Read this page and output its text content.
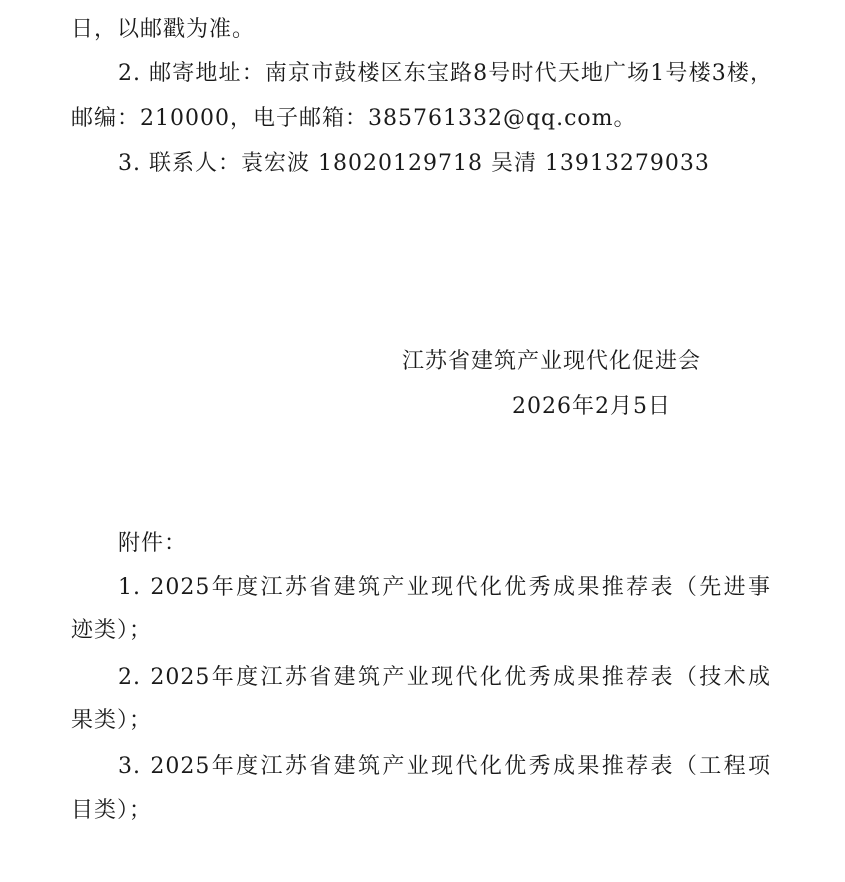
日，以邮戳为准。
2. 邮寄地址：南京市鼓楼区东宝路8号时代天地广场1号楼3楼，
邮编：210000，电子邮箱：385761332@qq.com。
3. 联系人：袁宏波 18020129718 吴清 13913279033
江苏省建筑产业现代化促进会
2026年2月5日
附件：
1. 2025年度江苏省建筑产业现代化优秀成果推荐表（先进事
迹类）；
2. 2025年度江苏省建筑产业现代化优秀成果推荐表（技术成
果类）；
3. 2025年度江苏省建筑产业现代化优秀成果推荐表（工程项
目类）；
